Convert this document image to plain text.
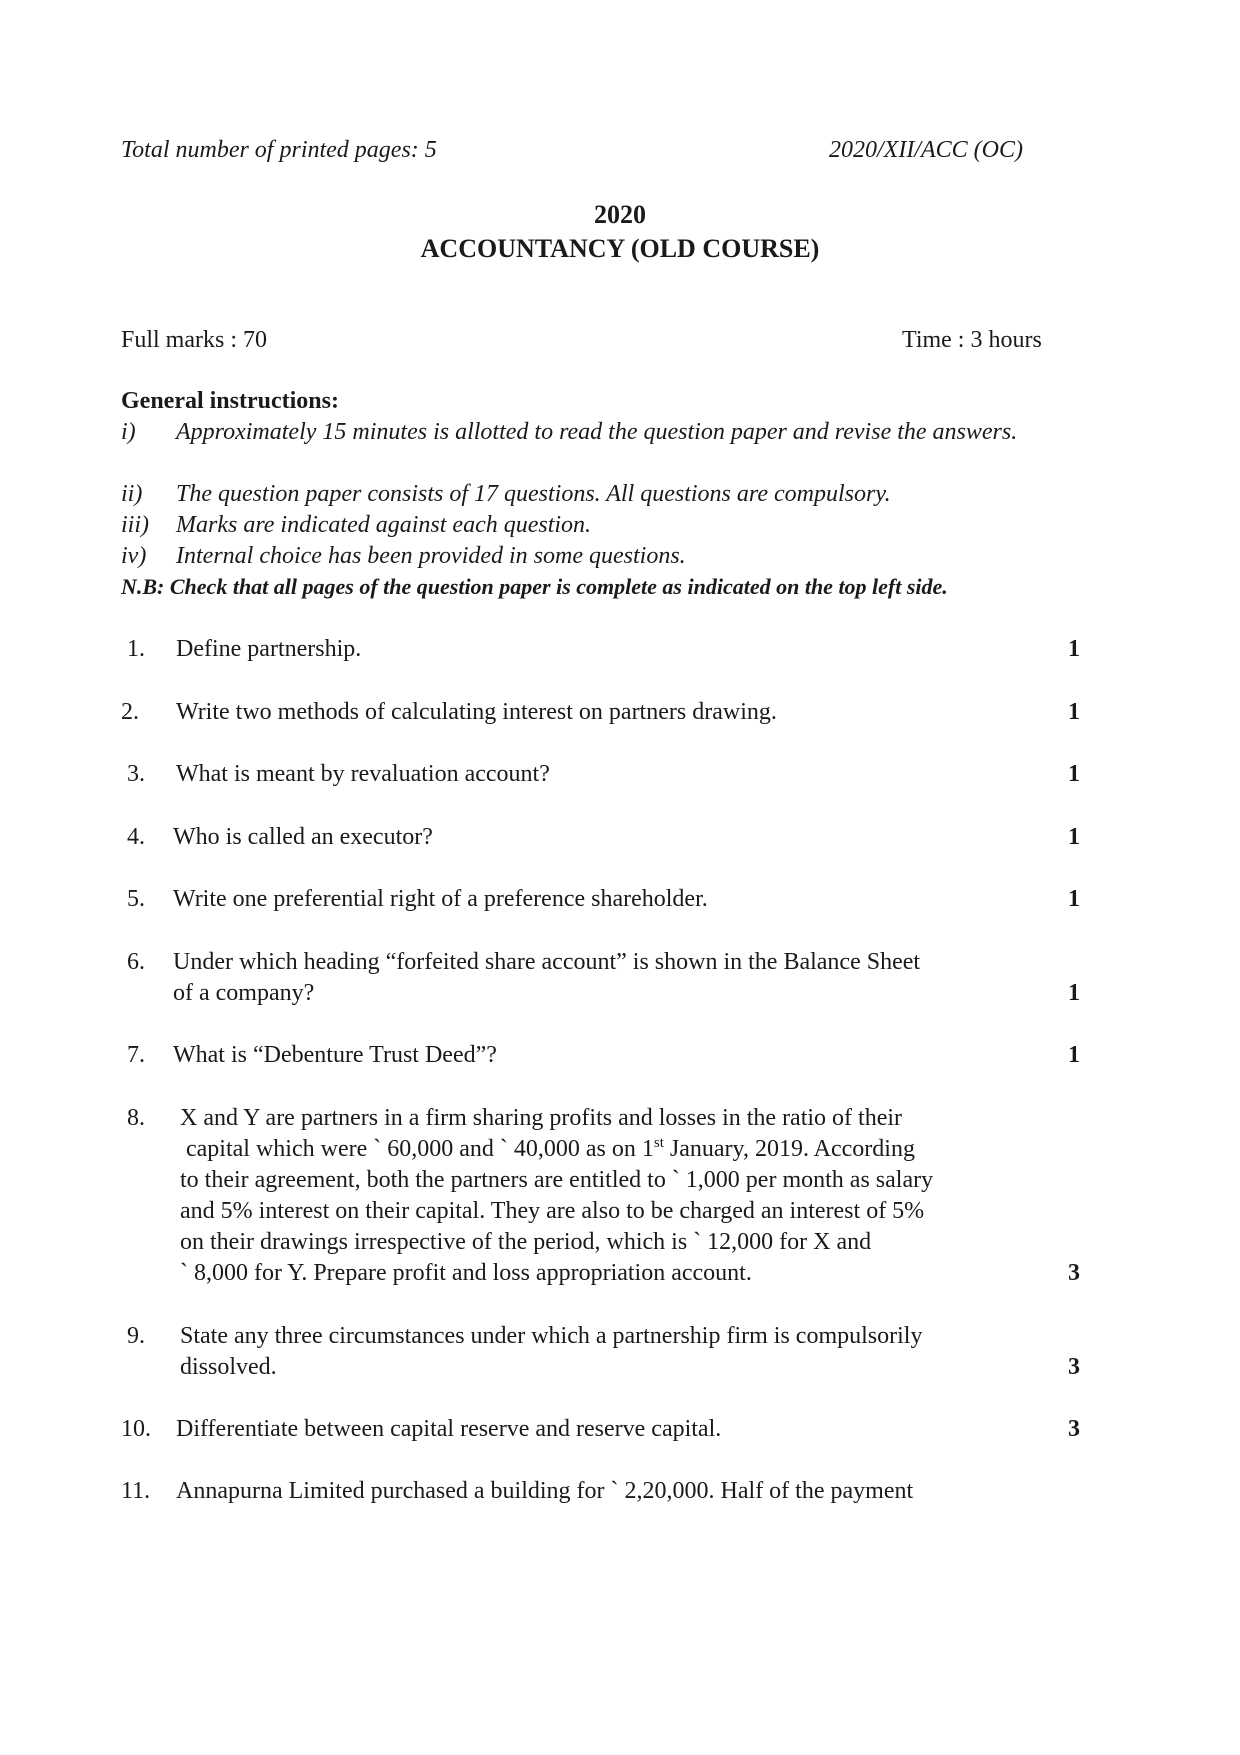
Total number of printed pages: 5	2020/XII/ACC (OC)
2020
ACCOUNTANCY (OLD COURSE)
Full marks : 70	Time : 3 hours
General instructions:
i) Approximately 15 minutes is allotted to read the question paper and revise the answers.
ii) The question paper consists of 17 questions. All questions are compulsory.
iii) Marks are indicated against each question.
iv) Internal choice has been provided in some questions.
N.B: Check that all pages of the question paper is complete as indicated on the top left side.
1. Define partnership.	1
2. Write two methods of calculating interest on partners drawing.	1
3. What is meant by revaluation account?	1
4. Who is called an executor?	1
5. Write one preferential right of a preference shareholder.	1
6. Under which heading “forfeited share account” is shown in the Balance Sheet
of a company?	1
7. What is “Debenture Trust Deed”?	1
8. X and Y are partners in a firm sharing profits and losses in the ratio of their
capital which were ` 60,000 and ` 40,000 as on 1st January, 2019. According
to their agreement, both the partners are entitled to ` 1,000 per month as salary
and 5% interest on their capital. They are also to be charged an interest of 5%
on their drawings irrespective of the period, which is ` 12,000 for X and
` 8,000 for Y. Prepare profit and loss appropriation account.	3
9. State any three circumstances under which a partnership firm is compulsorily
dissolved.	3
10. Differentiate between capital reserve and reserve capital.	3
11. Annapurna Limited purchased a building for ` 2,20,000. Half of the payment
